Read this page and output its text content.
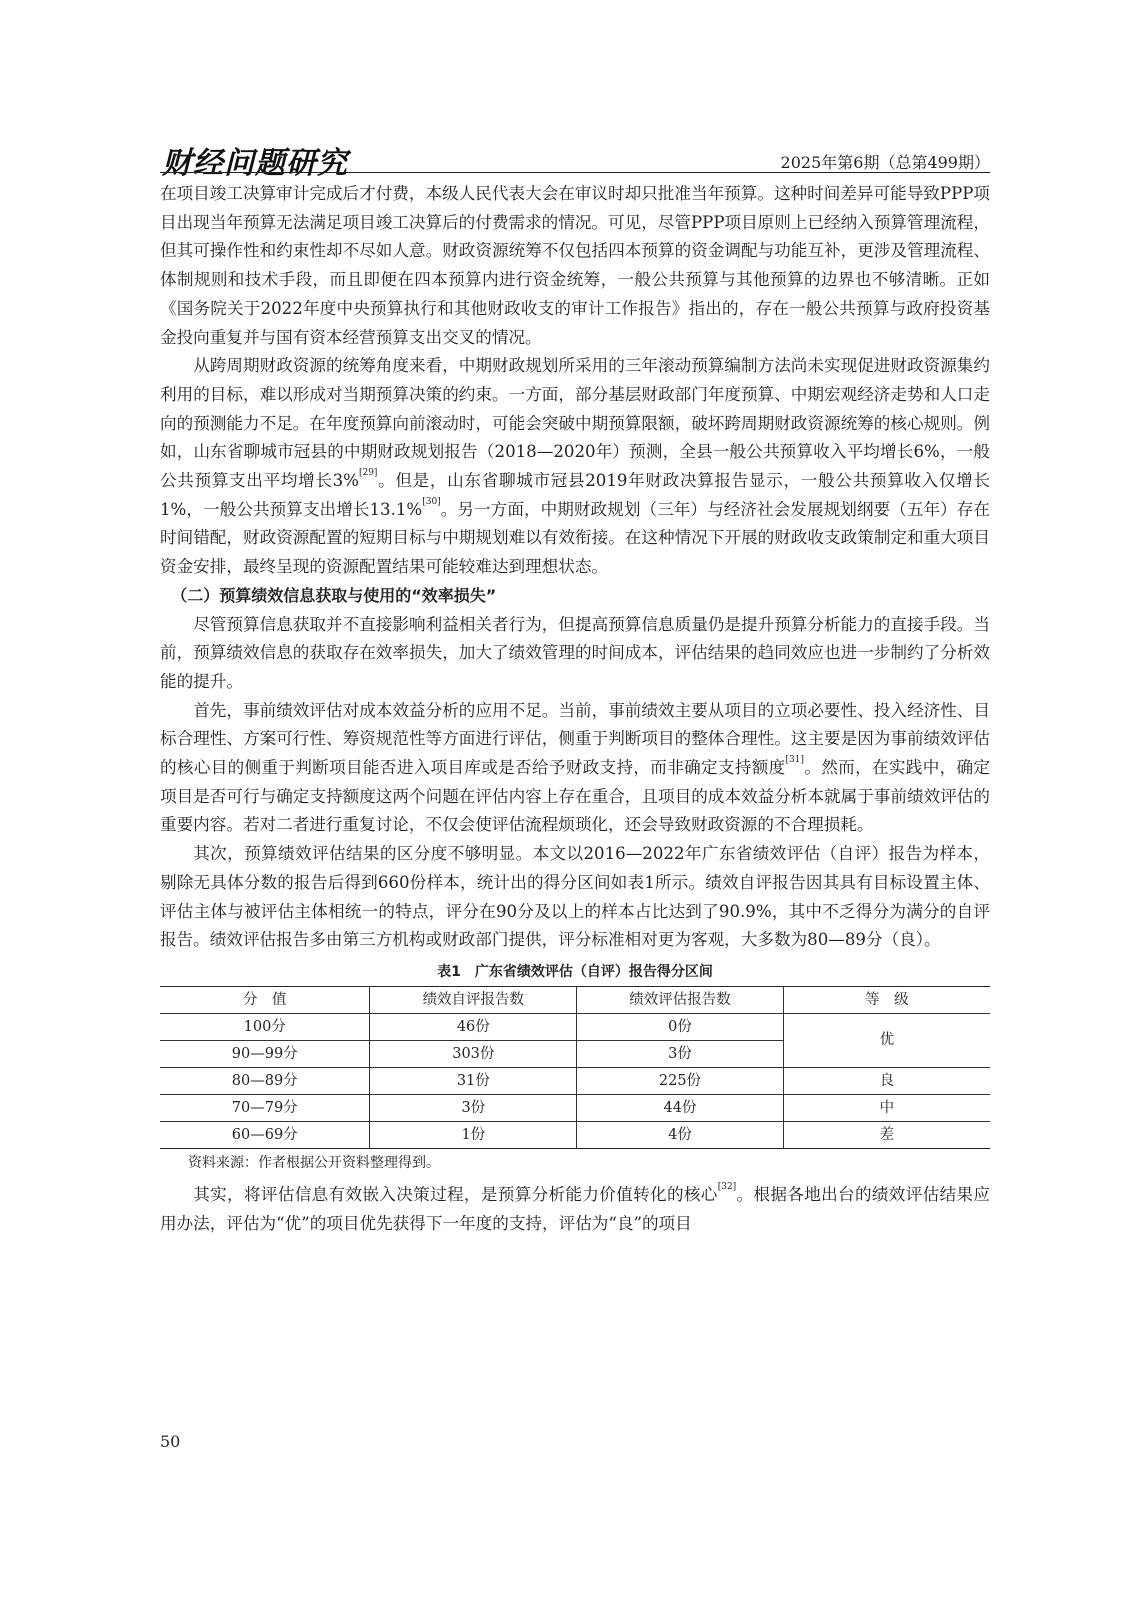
财经问题研究	2025年第6期（总第499期）

在项目竣工决算审计完成后才付费，本级人民代表大会在审议时却只批准当年预算。这种时间差异可能导致PPP项目出现当年预算无法满足项目竣工决算后的付费需求的情况。可见，尽管PPP项目原则上已经纳入预算管理流程，但其可操作性和约束性却不尽如人意。财政资源统筹不仅包括四本预算的资金调配与功能互补，更涉及管理流程、体制规则和技术手段，而且即便在四本预算内进行资金统筹，一般公共预算与其他预算的边界也不够清晰。正如《国务院关于2022年度中央预算执行和其他财政收支的审计工作报告》指出的，存在一般公共预算与政府投资基金投向重复并与国有资本经营预算支出交叉的情况。

从跨周期财政资源的统筹角度来看，中期财政规划所采用的三年滚动预算编制方法尚未实现促进财政资源集约利用的目标，难以形成对当期预算决策的约束。一方面，部分基层财政部门年度预算、中期宏观经济走势和人口走向的预测能力不足。在年度预算向前滚动时，可能会突破中期预算限额，破坏跨周期财政资源统筹的核心规则。例如，山东省聊城市冠县的中期财政规划报告（2018—2020年）预测，全县一般公共预算收入平均增长6%，一般公共预算支出平均增长3%[29]。但是，山东省聊城市冠县2019年财政决算报告显示，一般公共预算收入仅增长1%，一般公共预算支出增长13.1%[30]。另一方面，中期财政规划（三年）与经济社会发展规划纲要（五年）存在时间错配，财政资源配置的短期目标与中期规划难以有效衔接。在这种情况下开展的财政收支政策制定和重大项目资金安排，最终呈现的资源配置结果可能较难达到理想状态。

（二）预算绩效信息获取与使用的“效率损失”

尽管预算信息获取并不直接影响利益相关者行为，但提高预算信息质量仍是提升预算分析能力的直接手段。当前，预算绩效信息的获取存在效率损失，加大了绩效管理的时间成本，评估结果的趋同效应也进一步制约了分析效能的提升。

首先，事前绩效评估对成本效益分析的应用不足。当前，事前绩效主要从项目的立项必要性、投入经济性、目标合理性、方案可行性、筹资规范性等方面进行评估，侧重于判断项目的整体合理性。这主要是因为事前绩效评估的核心目的侧重于判断项目能否进入项目库或是否给予财政支持，而非确定支持额度[31]。然而，在实践中，确定项目是否可行与确定支持额度这两个问题在评估内容上存在重合，且项目的成本效益分析本就属于事前绩效评估的重要内容。若对二者进行重复讨论，不仅会使评估流程烦琐化，还会导致财政资源的不合理损耗。

其次，预算绩效评估结果的区分度不够明显。本文以2016—2022年广东省绩效评估（自评）报告为样本，剔除无具体分数的报告后得到660份样本，统计出的得分区间如表1所示。绩效自评报告因其具有目标设置主体、评估主体与被评估主体相统一的特点，评分在90分及以上的样本占比达到了90.9%，其中不乏得分为满分的自评报告。绩效评估报告多由第三方机构或财政部门提供，评分标准相对更为客观，大多数为80—89分（良）。

表1　广东省绩效评估（自评）报告得分区间
分　值	绩效自评报告数	绩效评估报告数	等　级
100分	46份	0份	优
90—99分	303份	3份	
80—89分	31份	225份	良
70—79分	3份	44份	中
60—69分	1份	4份	差
资料来源：作者根据公开资料整理得到。

其实，将评估信息有效嵌入决策过程，是预算分析能力价值转化的核心[32]。根据各地出台的绩效评估结果应用办法，评估为“优”的项目优先获得下一年度的支持，评估为“良”的项目

50
